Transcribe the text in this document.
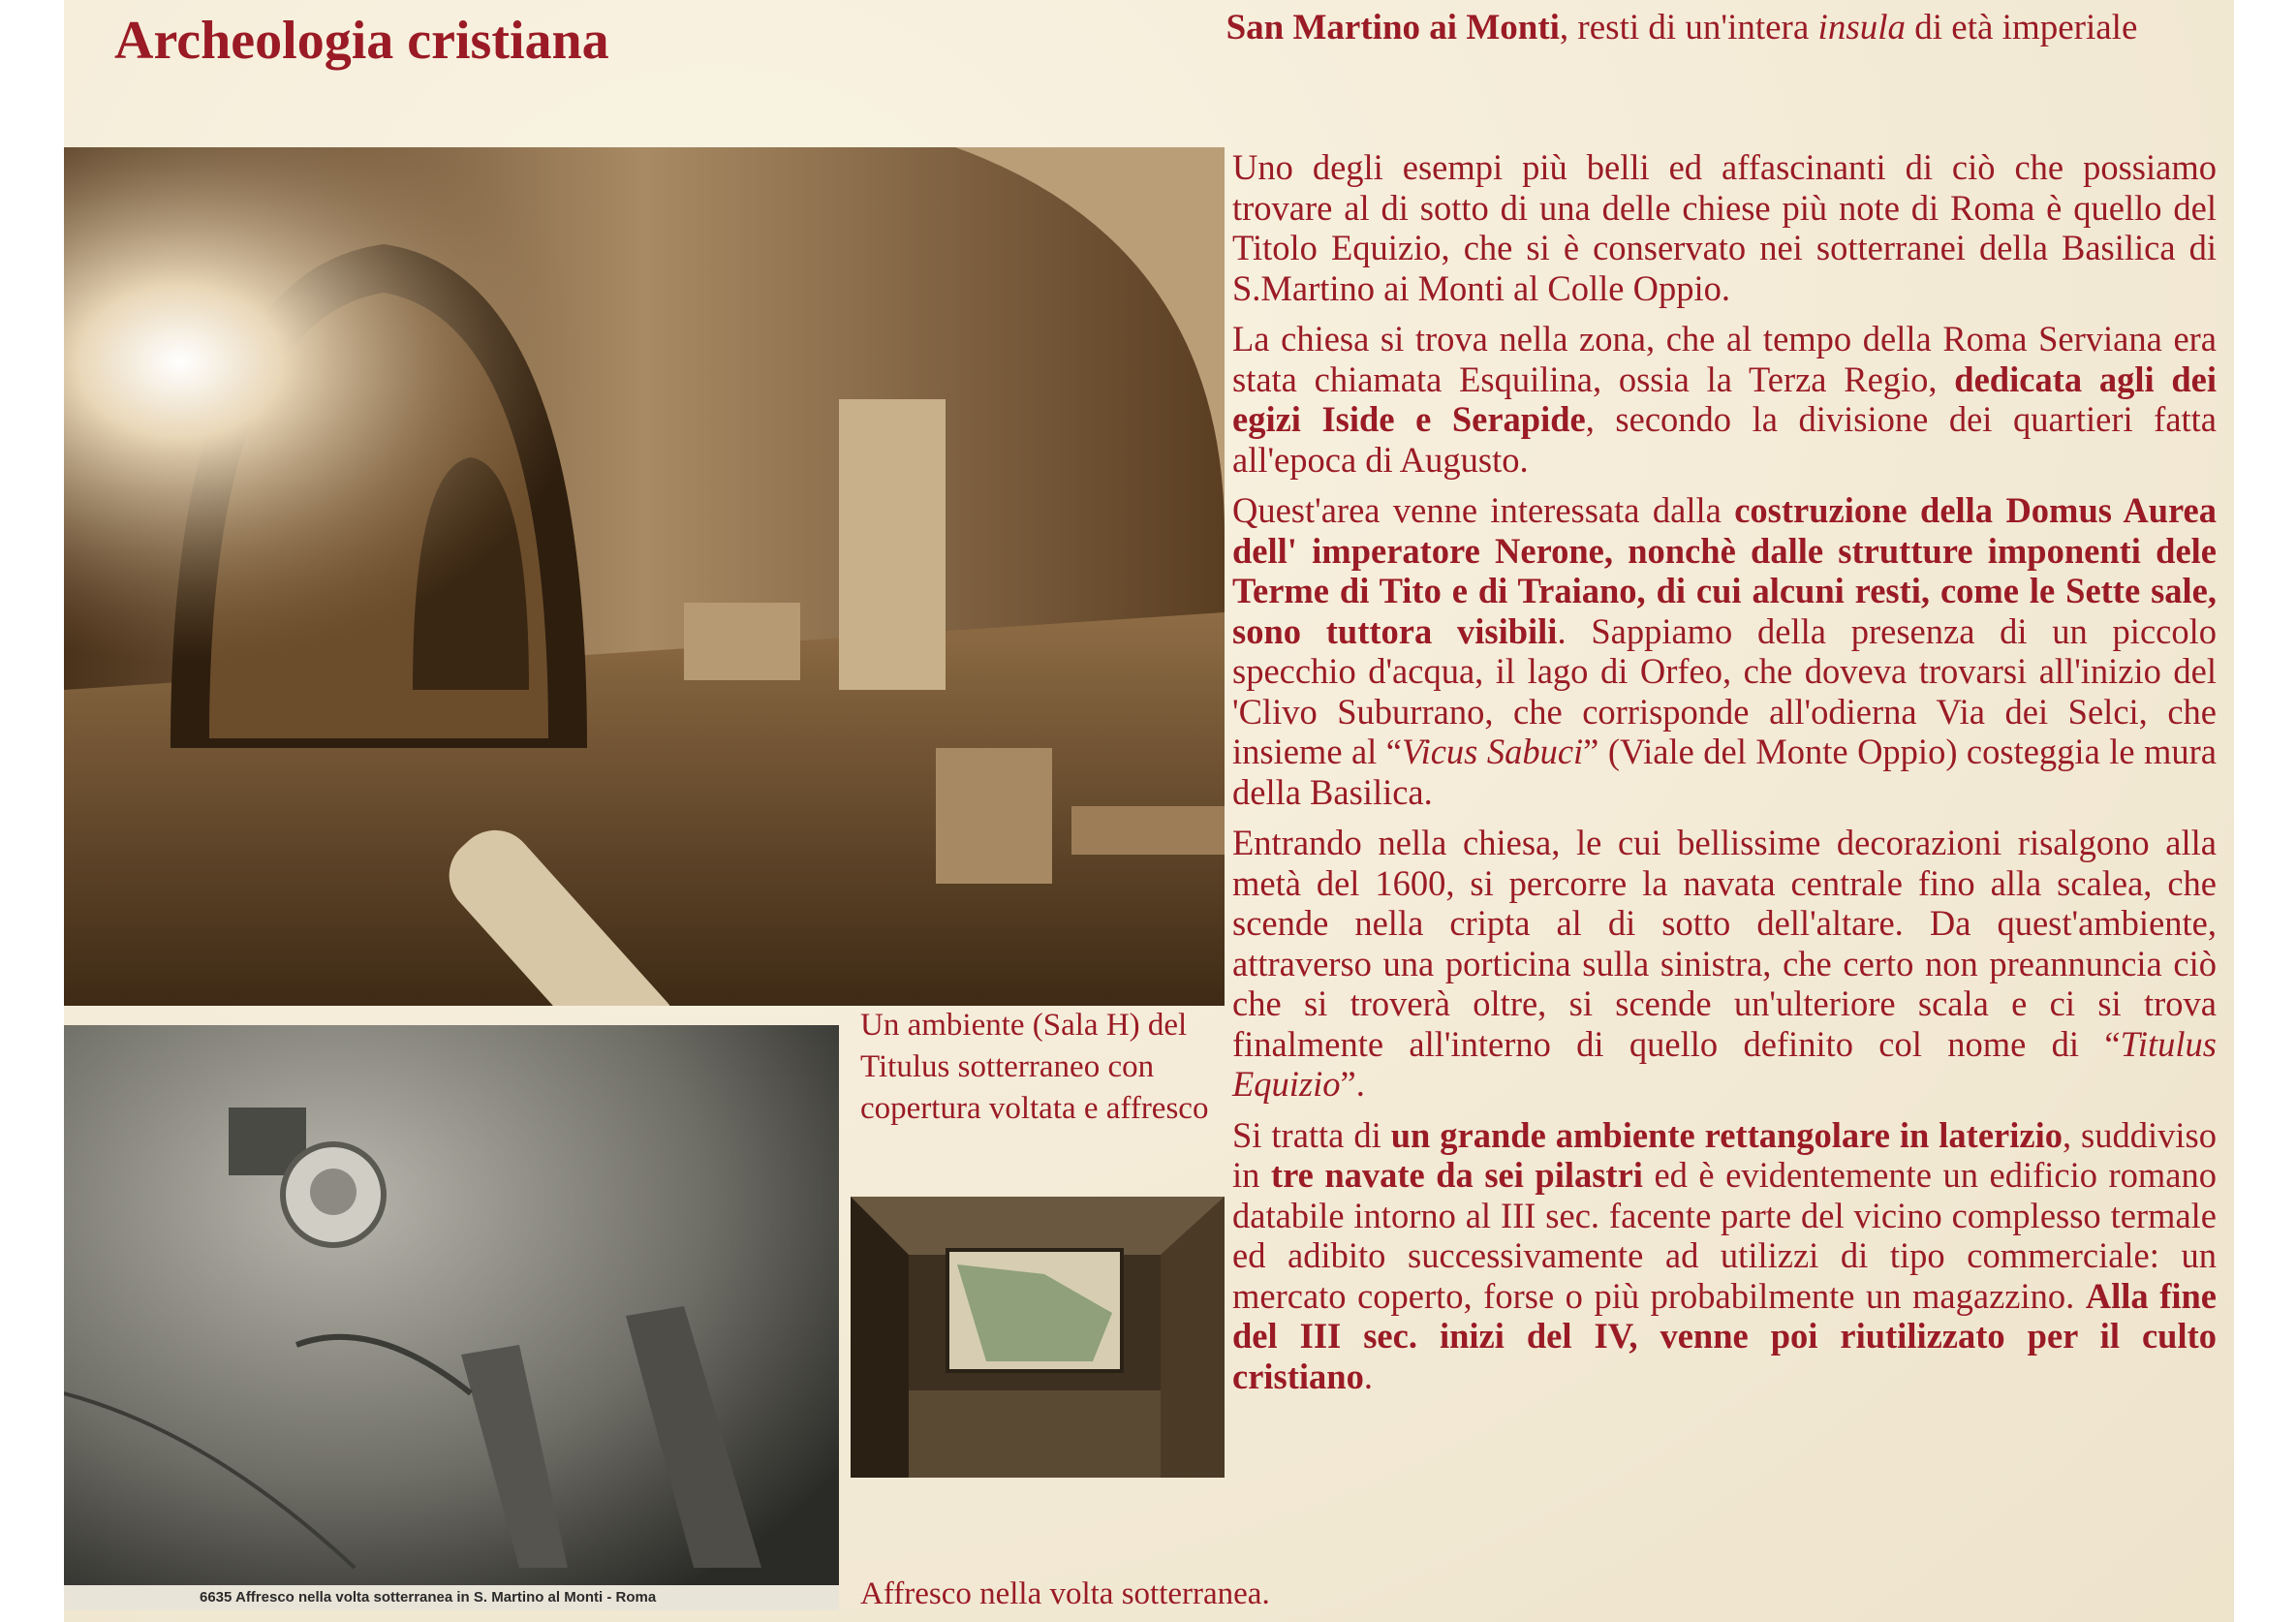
Archeologia cristiana	San Martino ai Monti, resti di un'intera insula di età imperiale
6635 Affresco nella volta sotterranea in S. Martino al Monti - Roma
Un ambiente (Sala H) del Titulus sotterraneo con copertura voltata e affresco
Affresco nella volta sotterranea.

Uno degli esempi più belli ed affascinanti di ciò che possiamo trovare al di sotto di una delle chiese più note di Roma è quello del Titolo Equizio, che si è conservato nei sotterranei della Basilica di S.Martino ai Monti al Colle Oppio.

La chiesa si trova nella zona, che al tempo della Roma Serviana era stata chiamata Esquilina, ossia la Terza Regio, dedicata agli dei egizi Iside e Serapide, secondo la divisione dei quartieri fatta all'epoca di Augusto.

Quest'area venne interessata dalla costruzione della Domus Aurea dell' imperatore Nerone, nonchè dalle strutture imponenti dele Terme di Tito e di Traiano, di cui alcuni resti, come le Sette sale, sono tuttora visibili. Sappiamo della presenza di un piccolo specchio d'acqua, il lago di Orfeo, che doveva trovarsi all'inizio del 'Clivo Suburrano, che corrisponde all'odierna Via dei Selci, che insieme al “Vicus Sabuci” (Viale del Monte Oppio) costeggia le mura della Basilica.

Entrando nella chiesa, le cui bellissime decorazioni risalgono alla metà del 1600, si percorre la navata centrale fino alla scalea, che scende nella cripta al di sotto dell'altare. Da quest'ambiente, attraverso una porticina sulla sinistra, che certo non preannuncia ciò che si troverà oltre, si scende un'ulteriore scala e ci si trova finalmente all'interno di quello definito col nome di “Titulus Equizio”.

Si tratta di un grande ambiente rettangolare in laterizio, suddiviso in tre navate da sei pilastri ed è evidentemente un edificio romano databile intorno al III sec. facente parte del vicino complesso termale ed adibito successivamente ad utilizzi di tipo commerciale: un mercato coperto, forse o più probabilmente un magazzino. Alla fine del III sec. inizi del IV, venne poi riutilizzato per il culto cristiano.
